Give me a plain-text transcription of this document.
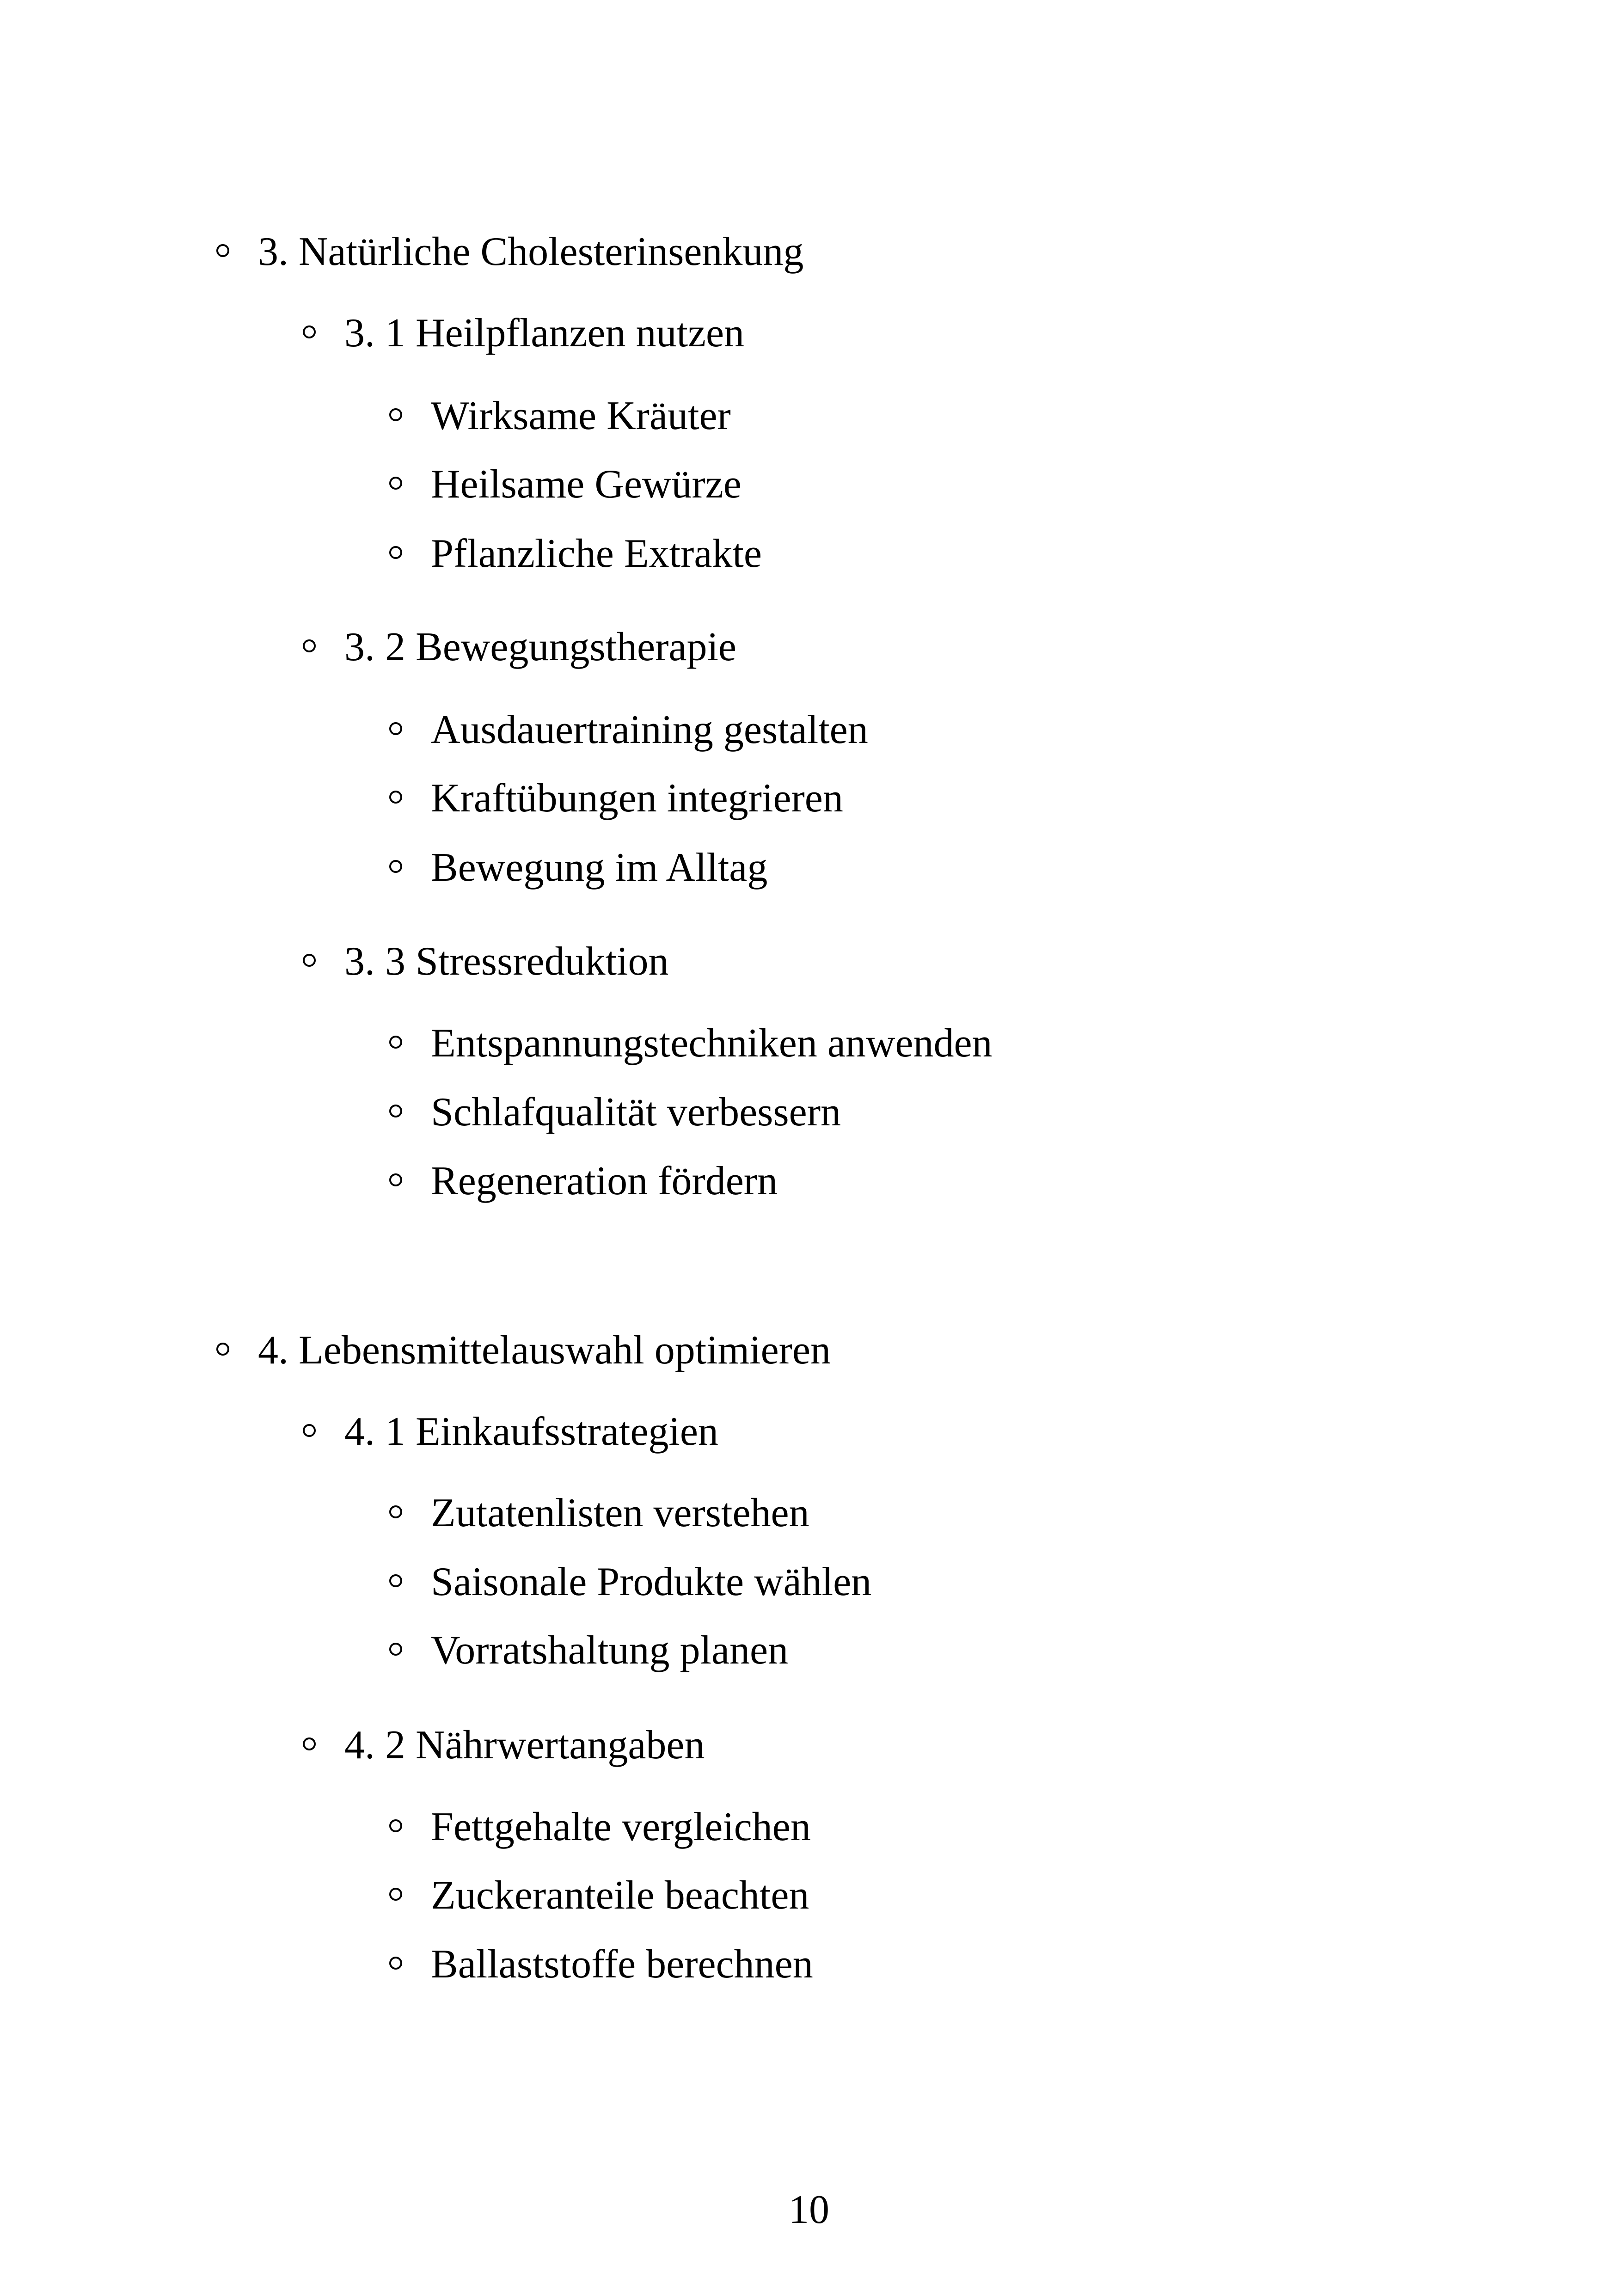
3. Natürliche Cholesterinsenkung
3. 1 Heilpflanzen nutzen
Wirksame Kräuter
Heilsame Gewürze
Pflanzliche Extrakte
3. 2 Bewegungstherapie
Ausdauertraining gestalten
Kraftübungen integrieren
Bewegung im Alltag
3. 3 Stressreduktion
Entspannungstechniken anwenden
Schlafqualität verbessern
Regeneration fördern
4. Lebensmittelauswahl optimieren
4. 1 Einkaufsstrategien
Zutatenlisten verstehen
Saisonale Produkte wählen
Vorratshaltung planen
4. 2 Nährwertangaben
Fettgehalte vergleichen
Zuckeranteile beachten
Ballaststoffe berechnen
10
